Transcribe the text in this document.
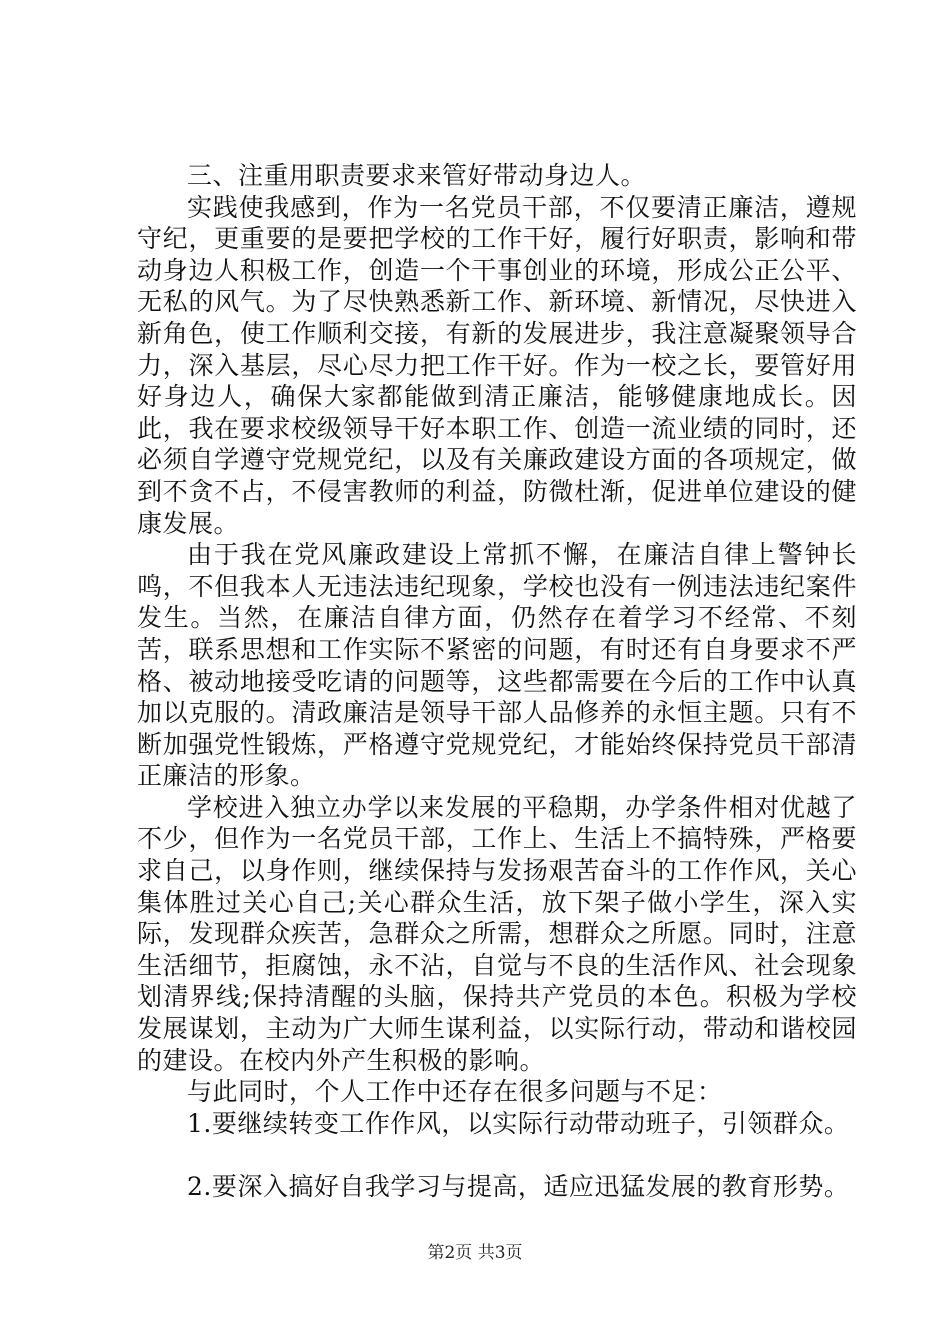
三、注重用职责要求来管好带动身边人。

实践使我感到，作为一名党员干部，不仅要清正廉洁，遵规守纪，更重要的是要把学校的工作干好，履行好职责，影响和带动身边人积极工作，创造一个干事创业的环境，形成公正公平、无私的风气。为了尽快熟悉新工作、新环境、新情况，尽快进入新角色，使工作顺利交接，有新的发展进步，我注意凝聚领导合力，深入基层，尽心尽力把工作干好。作为一校之长，要管好用好身边人，确保大家都能做到清正廉洁，能够健康地成长。因此，我在要求校级领导干好本职工作、创造一流业绩的同时，还必须自学遵守党规党纪，以及有关廉政建设方面的各项规定，做到不贪不占，不侵害教师的利益，防微杜渐，促进单位建设的健康发展。

由于我在党风廉政建设上常抓不懈，在廉洁自律上警钟长鸣，不但我本人无违法违纪现象，学校也没有一例违法违纪案件发生。当然，在廉洁自律方面，仍然存在着学习不经常、不刻苦，联系思想和工作实际不紧密的问题，有时还有自身要求不严格、被动地接受吃请的问题等，这些都需要在今后的工作中认真加以克服的。清政廉洁是领导干部人品修养的永恒主题。只有不断加强党性锻炼，严格遵守党规党纪，才能始终保持党员干部清正廉洁的形象。

学校进入独立办学以来发展的平稳期，办学条件相对优越了不少，但作为一名党员干部，工作上、生活上不搞特殊，严格要求自己，以身作则，继续保持与发扬艰苦奋斗的工作作风，关心集体胜过关心自己;关心群众生活，放下架子做小学生，深入实际，发现群众疾苦，急群众之所需，想群众之所愿。同时，注意生活细节，拒腐蚀，永不沾，自觉与不良的生活作风、社会现象划清界线;保持清醒的头脑，保持共产党员的本色。积极为学校发展谋划，主动为广大师生谋利益，以实际行动，带动和谐校园的建设。在校内外产生积极的影响。

与此同时，个人工作中还存在很多问题与不足：

1.要继续转变工作作风，以实际行动带动班子，引领群众。

2.要深入搞好自我学习与提高，适应迅猛发展的教育形势。

第2页 共3页
